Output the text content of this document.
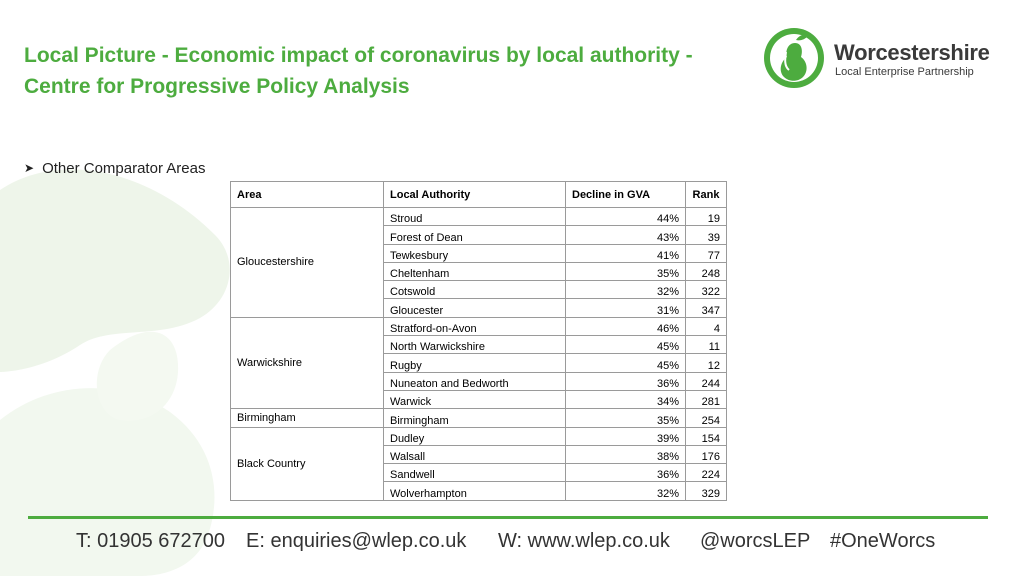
Local Picture - Economic impact of coronavirus by local authority - Centre for Progressive Policy Analysis
Worcestershire
Local Enterprise Partnership
➤ Other Comparator Areas
Area	Local Authority	Decline in GVA	Rank
Gloucestershire	Stroud	44%	19
	Forest of Dean	43%	39
	Tewkesbury	41%	77
	Cheltenham	35%	248
	Cotswold	32%	322
	Gloucester	31%	347
Warwickshire	Stratford-on-Avon	46%	4
	North Warwickshire	45%	11
	Rugby	45%	12
	Nuneaton and Bedworth	36%	244
	Warwick	34%	281
Birmingham	Birmingham	35%	254
Black Country	Dudley	39%	154
	Walsall	38%	176
	Sandwell	36%	224
	Wolverhampton	32%	329
T: 01905 672700 E: enquiries@wlep.co.uk W: www.wlep.co.uk @worcsLEP #OneWorcs
